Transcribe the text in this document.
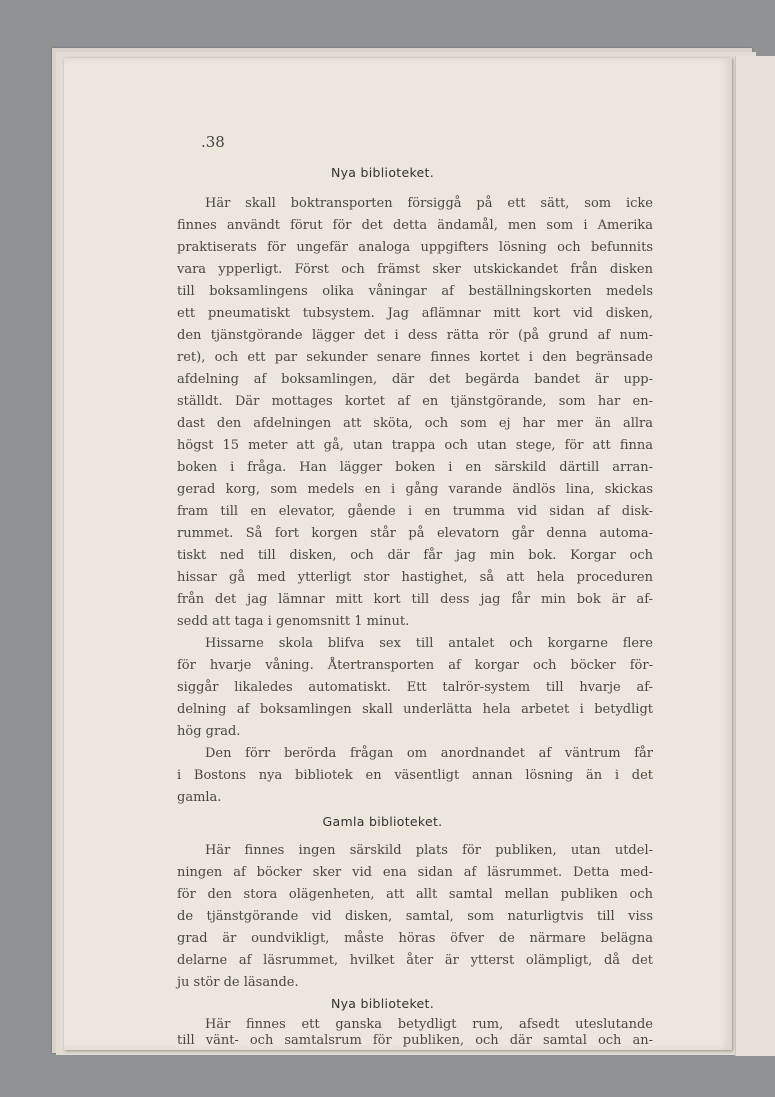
.38
Nya biblioteket.
Här skall boktransporten försiggå på ett sätt, som icke
finnes användt förut för det detta ändamål, men som i Amerika
praktiserats för ungefär analoga uppgifters lösning och befunnits
vara ypperligt. Först och främst sker utskickandet från disken
till boksamlingens olika våningar af beställningskorten medels
ett pneumatiskt tubsystem. Jag aflämnar mitt kort vid disken,
den tjänstgörande lägger det i dess rätta rör (på grund af num-
ret), och ett par sekunder senare finnes kortet i den begränsade
afdelning af boksamlingen, där det begärda bandet är upp-
ställdt. Där mottages kortet af en tjänstgörande, som har en-
dast den afdelningen att sköta, och som ej har mer än allra
högst 15 meter att gå, utan trappa och utan stege, för att finna
boken i fråga. Han lägger boken i en särskild därtill arran-
gerad korg, som medels en i gång varande ändlös lina, skickas
fram till en elevator, gående i en trumma vid sidan af disk-
rummet. Så fort korgen står på elevatorn går denna automa-
tiskt ned till disken, och där får jag min bok. Korgar och
hissar gå med ytterligt stor hastighet, så att hela proceduren
från det jag lämnar mitt kort till dess jag får min bok är af-
sedd att taga i genomsnitt 1 minut.
Hissarne skola blifva sex till antalet och korgarne flere
för hvarje våning. Återtransporten af korgar och böcker för-
siggår likaledes automatiskt. Ett talrör-system till hvarje af-
delning af boksamlingen skall underlätta hela arbetet i betydligt
hög grad.
Den förr berörda frågan om anordnandet af väntrum får
i Bostons nya bibliotek en väsentligt annan lösning än i det
gamla.
Gamla biblioteket.
Här finnes ingen särskild plats för publiken, utan utdel-
ningen af böcker sker vid ena sidan af läsrummet. Detta med-
för den stora olägenheten, att allt samtal mellan publiken och
de tjänstgörande vid disken, samtal, som naturligtvis till viss
grad är oundvikligt, måste höras öfver de närmare belägna
delarne af läsrummet, hvilket åter är ytterst olämpligt, då det
ju stör de läsande.
Nya biblioteket.
Här finnes ett ganska betydligt rum, afsedt uteslutande
till vänt- och samtalsrum för publiken, och där samtal och an-
